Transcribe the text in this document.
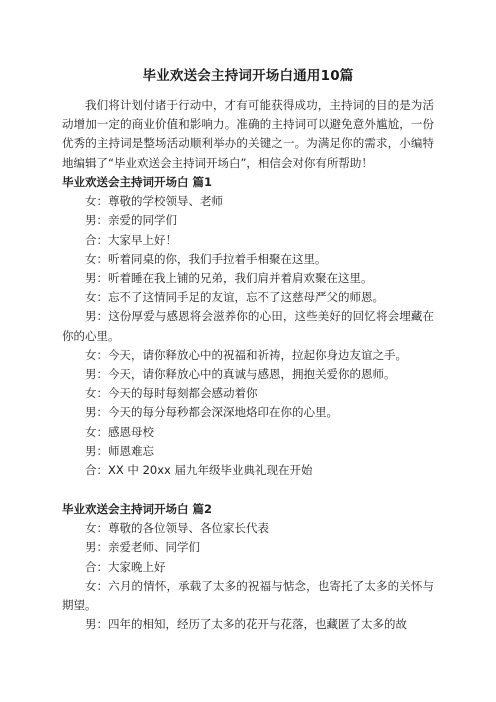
毕业欢送会主持词开场白通用10篇

我们将计划付诸于行动中，才有可能获得成功，主持词的目的是为活动增加一定的商业价值和影响力。准确的主持词可以避免意外尴尬，一份优秀的主持词是整场活动顺利举办的关键之一。为满足你的需求，小编特地编辑了“毕业欢送会主持词开场白”，相信会对你有所帮助！

毕业欢送会主持词开场白 篇1

女：尊敬的学校领导、老师

男：亲爱的同学们

合：大家早上好！

女：听着同桌的你，我们手拉着手相聚在这里。

男：听着睡在我上铺的兄弟，我们肩并着肩欢聚在这里。

女：忘不了这情同手足的友谊，忘不了这慈母严父的师恩。

男：这份厚爱与感恩将会滋养你的心田，这些美好的回忆将会埋藏在你的心里。

女：今天，请你释放心中的祝福和祈祷，拉起你身边友谊之手。

男：今天，请你释放心中的真诚与感恩，拥抱关爱你的恩师。

女：今天的每时每刻都会感动着你

男：今天的每分每秒都会深深地烙印在你的心里。

女：感恩母校

男：师恩难忘

合：XX 中 20xx 届九年级毕业典礼现在开始

毕业欢送会主持词开场白 篇2

女：尊敬的各位领导、各位家长代表

男：亲爱老师、同学们

合：大家晚上好

女：六月的情怀，承载了太多的祝福与惦念，也寄托了太多的关怀与期望。

男：四年的相知，经历了太多的花开与花落，也藏匿了太多的故
